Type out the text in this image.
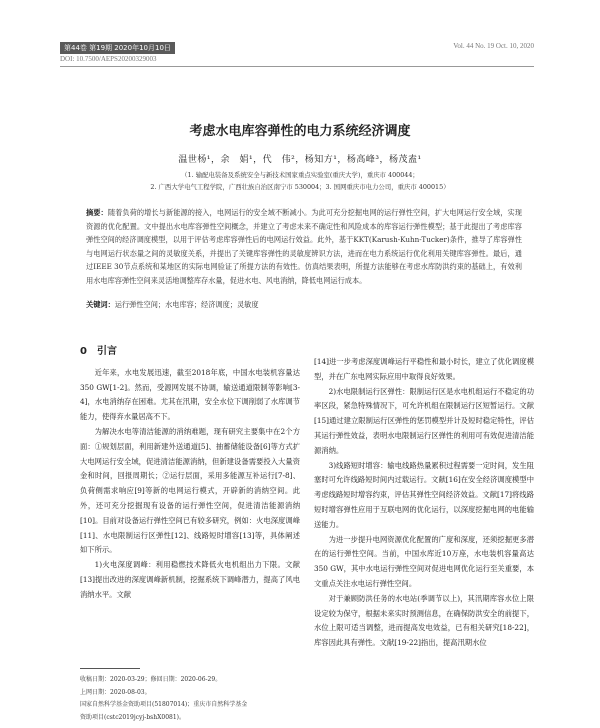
第44卷 第19期 2020年10月10日	Vol. 44 No. 19 Oct. 10, 2020
DOI: 10.7500/AEPS20200329003
考虑水电库容弹性的电力系统经济调度
温世杨¹，余　娟¹，代　伟²，杨知方¹，杨高峰³，杨茂盍¹
（1. 输配电装备及系统安全与新技术国家重点实验室(重庆大学)，重庆市 400044；
2. 广西大学电气工程学院，广西壮族自治区南宁市 530004；3. 国网重庆市电力公司，重庆市 400015）
摘要：随着负荷的增长与新能源的接入，电网运行的安全域不断减小。为此可充分挖掘电网的运行弹性空间，扩大电网运行安全域，实现资源的优化配置。文中提出水电库容弹性空间概念，并建立了考虑未来不确定性和风险成本的库容运行弹性模型；基于此提出了考虑库容弹性空间的经济调度模型，以用于评估考虑库容弹性后的电网运行效益。此外，基于KKT(Karush-Kuhn-Tucker)条件，推导了库容弹性与电网运行状态量之间的灵敏度关系，并提出了关键库容弹性的灵敏度辨识方法，进而在电力系统运行优化利用关键库容弹性。最后，通过IEEE 30节点系统和某地区的实际电网验证了所提方法的有效性。仿真结果表明，所提方法能够在考虑水库防洪约束的基础上，有效利用水电库容弹性空间来灵活地调整库存水量，促进水电、风电消纳，降低电网运行成本。
关键词：运行弹性空间；水电库容；经济调度；灵敏度
0　引言

近年来，水电发展迅速，截至2018年底，中国水电装机容量达350 GW[1-2]。然而，受源网发展不协调，输送通道限制等影响[3-4]，水电消纳存在困难。尤其在汛期，安全水位下调削弱了水库调节能力，使得弃水量居高不下。

为解决水电等清洁能源的消纳难题，现有研究主要集中在2个方面：①规划层面，利用新建外送通道[5]、抽蓄储能设备[6]等方式扩大电网运行安全域，促进清洁能源消纳，但新建设备需要投入大量资金和时间，回报周期长；②运行层面，采用多能源互补运行[7-8]、负荷侧需求响应[9]等新的电网运行模式，开辟新的消纳空间。此外，还可充分挖掘现有设备的运行弹性空间，促进清洁能源消纳[10]。目前对设备运行弹性空间已有较多研究，例如：火电深度调峰[11]、水电限制运行区弹性[12]、线路短时增容[13]等，具体阐述如下所示。

1)火电深度调峰：利用稳燃技术降低火电机组出力下限。文献[13]提出改进的深度调峰新机制，挖掘系统下调峰潜力，提高了风电消纳水平。文献

[14]进一步考虑深度调峰运行平稳性和最小时长，建立了优化调度模型，并在广东电网实际应用中取得良好效果。

2)水电限制运行区弹性：限制运行区是水电机组运行不稳定的功率区段，紧急特殊情况下，可允许机组在限制运行区短暂运行。文献[15]通过建立限制运行区弹性的惩罚模型并计及短时稳定特性，评估其运行弹性效益，表明水电限制运行区弹性的利用可有效促进清洁能源消纳。

3)线路短时增容：输电线路热量累积过程需要一定时间，发生阻塞时可允许线路短时间内过载运行。文献[16]在安全经济调度模型中考虑线路短时增容约束，评估其弹性空间经济效益。文献[17]将线路短时增容弹性应用于互联电网的优化运行，以深度挖掘电网的电能输送能力。

为进一步提升电网资源优化配置的广度和深度，还须挖掘更多潜在的运行弹性空间。当前，中国水库近10万座，水电装机容量高达350 GW，其中水电运行弹性空间对促进电网优化运行至关重要，本文重点关注水电运行弹性空间。

对于兼顾防洪任务的水电站(季调节以上)，其汛期库容水位上限设定较为保守，根据未来实时预测信息，在确保防洪安全的前提下，水位上限可适当调整，进而提高发电效益，已有相关研究[18-22]，库容因此具有弹性。文献[19-22]指出，提高汛期水位

收稿日期：2020-03-29；修回日期：2020-06-29。
上网日期：2020-08-03。
国家自然科学基金资助项目(51807014)；重庆市自然科学基金
资助项目(cstc2019jcyj-bshX0081)。
